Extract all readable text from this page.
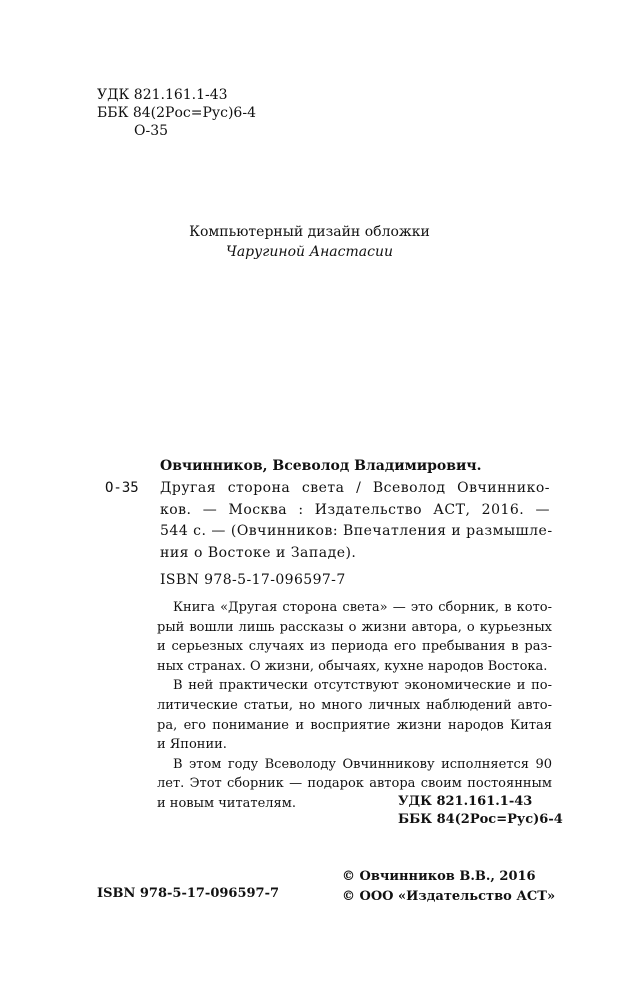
УДК 821.161.1-43
ББК 84(2Рос=Рус)6-4
О-35
Компьютерный дизайн обложки
Чаругиной Анастасии
Овчинников, Всеволод Владимирович.
О-35 Другая сторона света / Всеволод Овчиннико-
ков. — Москва : Издательство АСТ, 2016. —
544 с. — (Овчинников: Впечатления и размышле-
ния о Востоке и Западе).
ISBN 978-5-17-096597-7
Книга «Другая сторона света» — это сборник, в кото-
рый вошли лишь рассказы о жизни автора, о курьезных
и серьезных случаях из периода его пребывания в раз-
ных странах. О жизни, обычаях, кухне народов Востока.
В ней практически отсутствуют экономические и по-
литические статьи, но много личных наблюдений авто-
ра, его понимание и восприятие жизни народов Китая
и Японии.
В этом году Всеволоду Овчинникову исполняется 90
лет. Этот сборник — подарок автора своим постоянным
и новым читателям.	УДК 821.161.1-43
ББК 84(2Рос=Рус)6-4
© Овчинников В.В., 2016
© ООО «Издательство АСТ»
ISBN 978-5-17-096597-7
